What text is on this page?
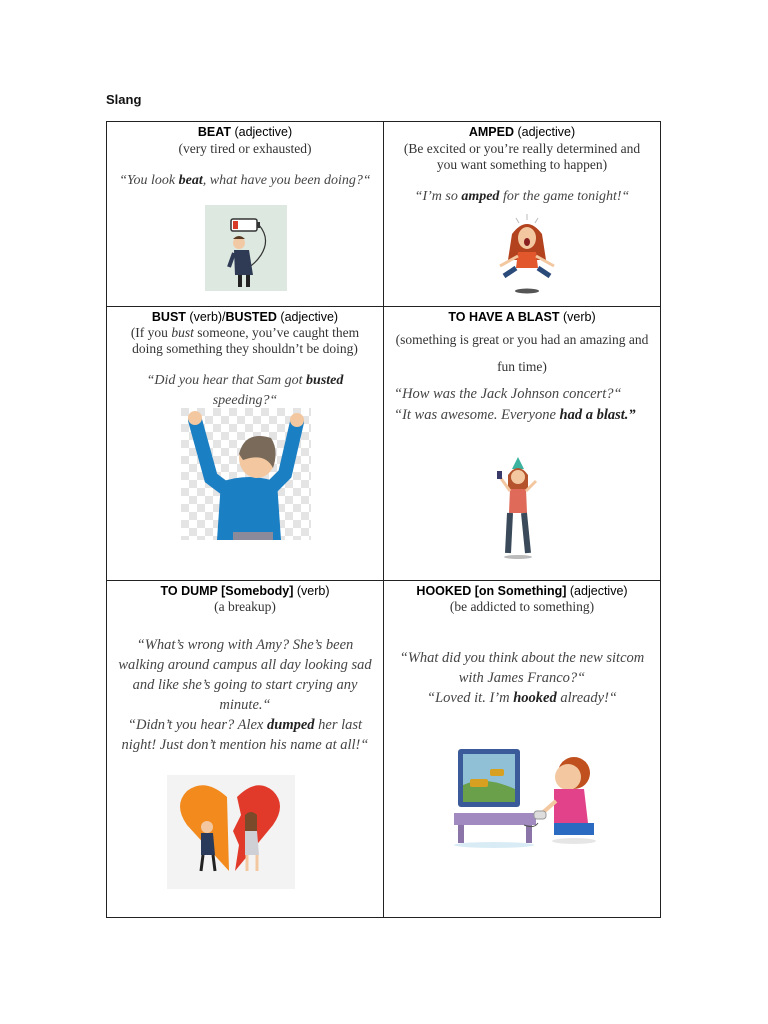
Slang
BEAT (adjective)
(very tired or exhausted)
“You look beat, what have you been doing?“
AMPED (adjective)
(Be excited or you’re really determined and you want something to happen)
“I’m so amped for the game tonight!“
BUST (verb)/BUSTED (adjective)
(If you bust someone, you’ve caught them doing something they shouldn’t be doing)
“Did you hear that Sam got busted speeding?“
TO HAVE A BLAST (verb)
(something is great or you had an amazing and fun time)
“How was the Jack Johnson concert?“
“It was awesome. Everyone had a blast.”
TO DUMP [Somebody] (verb)
(a breakup)
“What’s wrong with Amy? She’s been walking around campus all day looking sad and like she’s going to start crying any minute.“
“Didn’t you hear? Alex dumped her last night! Just don’t mention his name at all!“
HOOKED [on Something] (adjective)
(be addicted to something)
“What did you think about the new sitcom with James Franco?“
“Loved it. I’m hooked already!“
